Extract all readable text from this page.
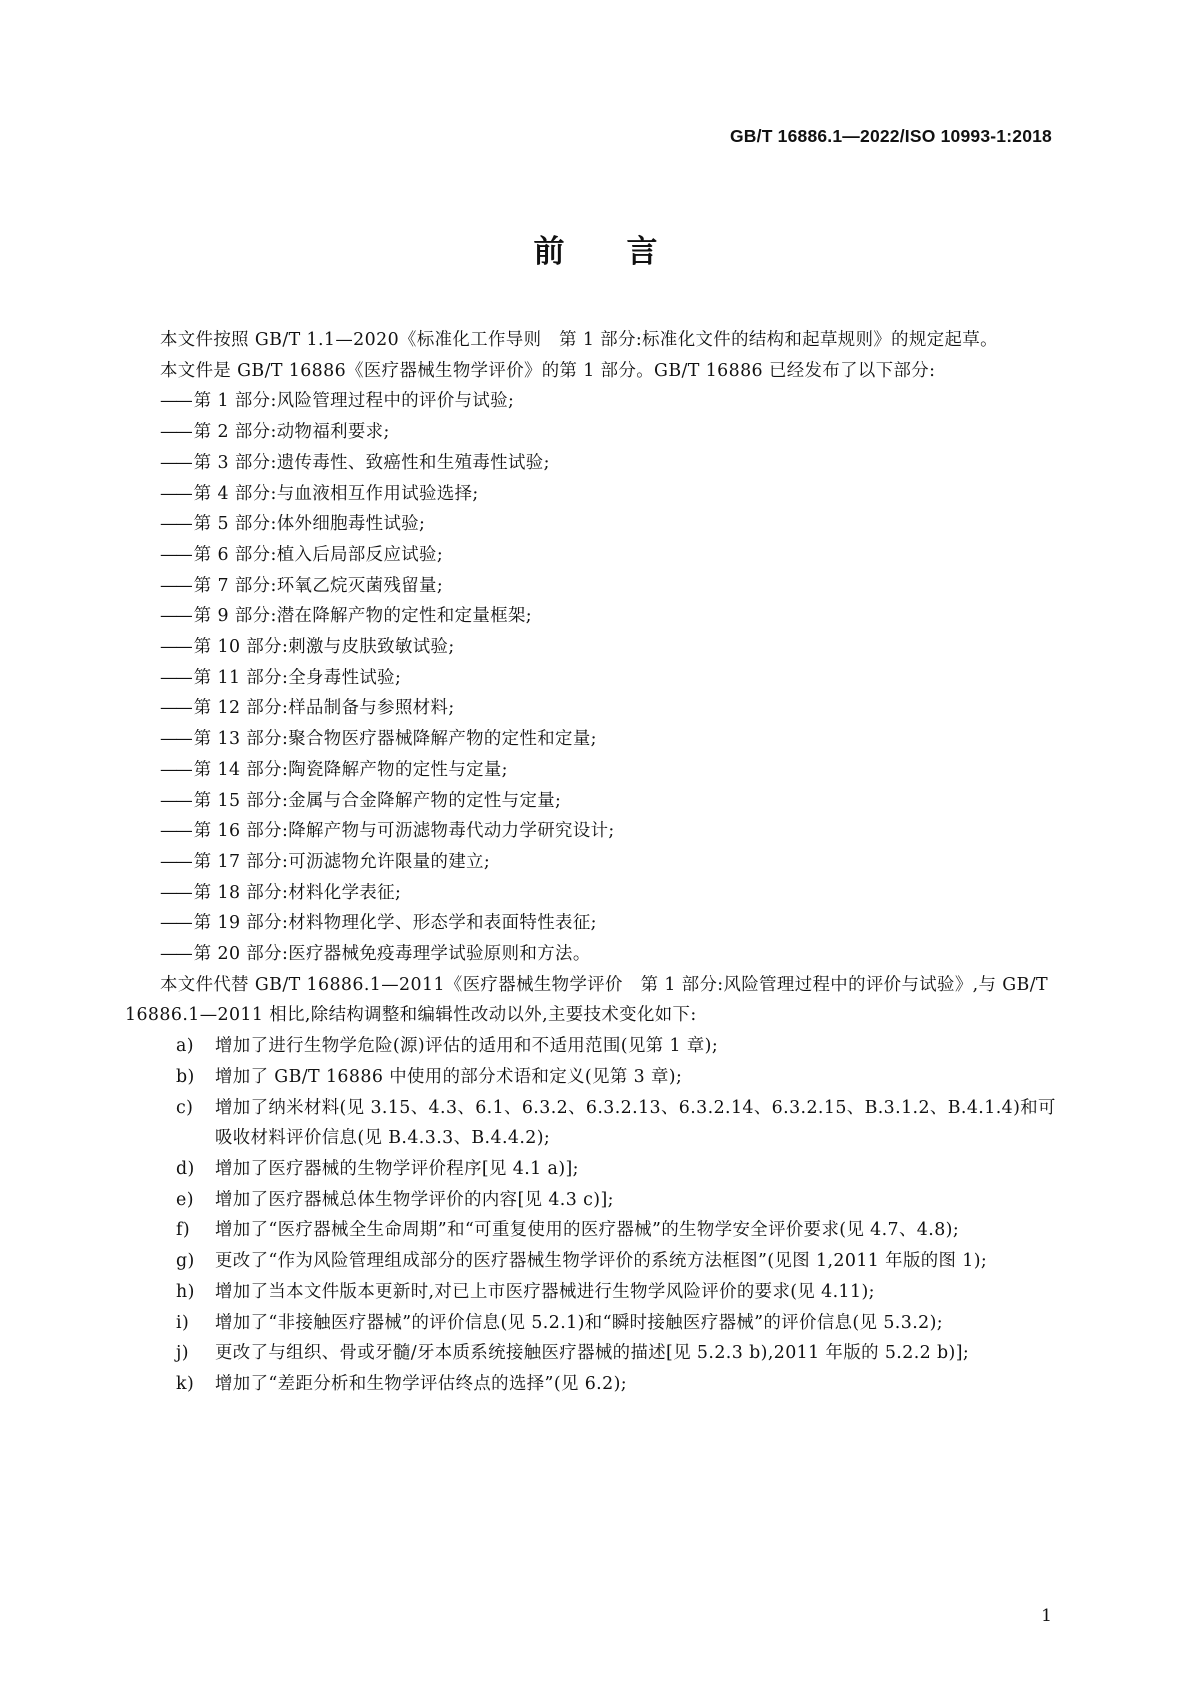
GB/T 16886.1—2022/ISO 10993-1:2018
前　　言

本文件按照 GB/T 1.1—2020《标准化工作导则　第 1 部分:标准化文件的结构和起草规则》的规定起草。

本文件是 GB/T 16886《医疗器械生物学评价》的第 1 部分。GB/T 16886 已经发布了以下部分:

—— 第 1 部分:风险管理过程中的评价与试验;
—— 第 2 部分:动物福利要求;
—— 第 3 部分:遗传毒性、致癌性和生殖毒性试验;
—— 第 4 部分:与血液相互作用试验选择;
—— 第 5 部分:体外细胞毒性试验;
—— 第 6 部分:植入后局部反应试验;
—— 第 7 部分:环氧乙烷灭菌残留量;
—— 第 9 部分:潜在降解产物的定性和定量框架;
—— 第 10 部分:刺激与皮肤致敏试验;
—— 第 11 部分:全身毒性试验;
—— 第 12 部分:样品制备与参照材料;
—— 第 13 部分:聚合物医疗器械降解产物的定性和定量;
—— 第 14 部分:陶瓷降解产物的定性与定量;
—— 第 15 部分:金属与合金降解产物的定性与定量;
—— 第 16 部分:降解产物与可沥滤物毒代动力学研究设计;
—— 第 17 部分:可沥滤物允许限量的建立;
—— 第 18 部分:材料化学表征;
—— 第 19 部分:材料物理化学、形态学和表面特性表征;
—— 第 20 部分:医疗器械免疫毒理学试验原则和方法。

本文件代替 GB/T 16886.1—2011《医疗器械生物学评价　第 1 部分:风险管理过程中的评价与试验》,与 GB/T 16886.1—2011 相比,除结构调整和编辑性改动以外,主要技术变化如下:

a) 增加了进行生物学危险(源)评估的适用和不适用范围(见第 1 章);
b) 增加了 GB/T 16886 中使用的部分术语和定义(见第 3 章);
c) 增加了纳米材料(见 3.15、4.3、6.1、6.3.2、6.3.2.13、6.3.2.14、6.3.2.15、B.3.1.2、B.4.1.4)和可吸收材料评价信息(见 B.4.3.3、B.4.4.2);
d) 增加了医疗器械的生物学评价程序[见 4.1 a)];
e) 增加了医疗器械总体生物学评价的内容[见 4.3 c)];
f) 增加了“医疗器械全生命周期”和“可重复使用的医疗器械”的生物学安全评价要求(见 4.7、4.8);
g) 更改了“作为风险管理组成部分的医疗器械生物学评价的系统方法框图”(见图 1,2011 年版的图 1);
h) 增加了当本文件版本更新时,对已上市医疗器械进行生物学风险评价的要求(见 4.11);
i) 增加了“非接触医疗器械”的评价信息(见 5.2.1)和“瞬时接触医疗器械”的评价信息(见 5.3.2);
j) 更改了与组织、骨或牙髓/牙本质系统接触医疗器械的描述[见 5.2.3 b),2011 年版的 5.2.2 b)];
k) 增加了“差距分析和生物学评估终点的选择”(见 6.2);
1
